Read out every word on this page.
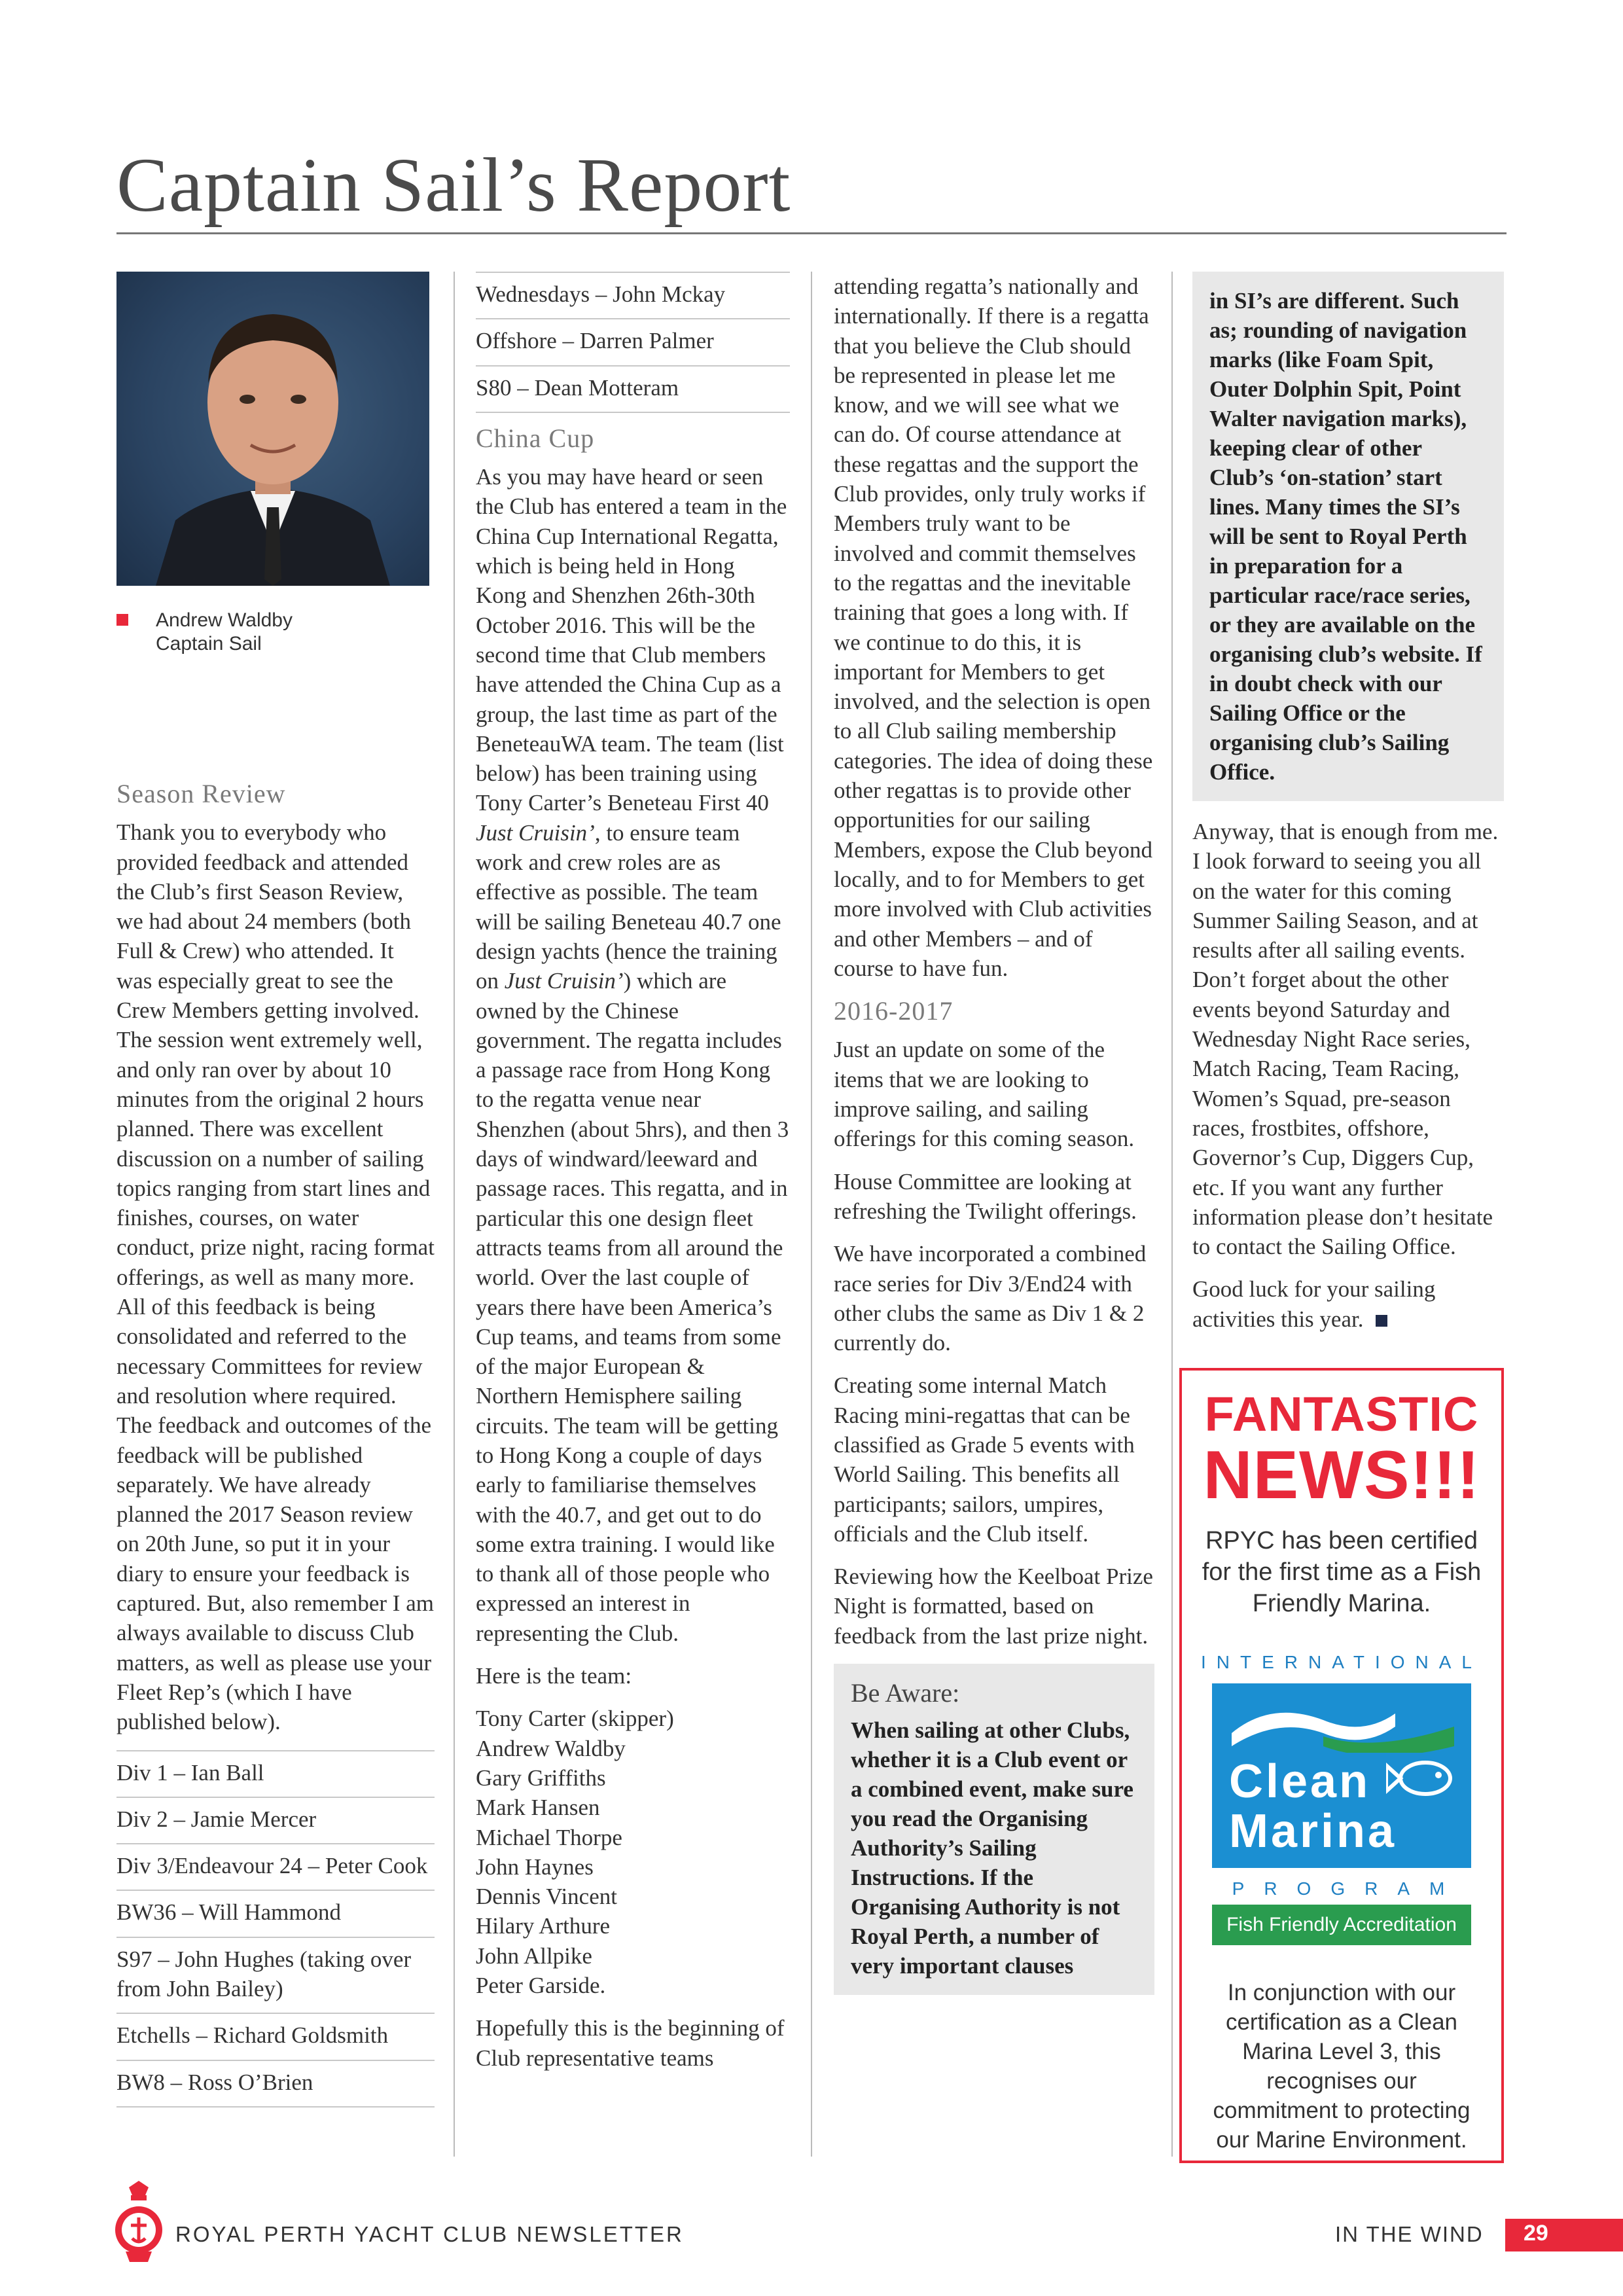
Captain Sail’s Report
Andrew Waldby
Captain Sail
Season Review

Thank you to everybody who provided feedback and attended the Club’s first Season Review, we had about 24 members (both Full & Crew) who attended. It was especially great to see the Crew Members getting involved. The session went extremely well, and only ran over by about 10 minutes from the original 2 hours planned. There was excellent discussion on a number of sailing topics ranging from start lines and finishes, courses, on water conduct, prize night, racing format offerings, as well as many more. All of this feedback is being consolidated and referred to the necessary Committees for review and resolution where required. The feedback and outcomes of the feedback will be published separately. We have already planned the 2017 Season review on 20th June, so put it in your diary to ensure your feedback is captured. But, also remember I am always available to discuss Club matters, as well as please use your Fleet Rep’s (which I have published below).

Div 1 – Ian Ball
Div 2 – Jamie Mercer
Div 3/Endeavour 24 – Peter Cook
BW36 – Will Hammond
S97 – John Hughes (taking over from John Bailey)
Etchells – Richard Goldsmith
BW8 – Ross O’Brien
Wednesdays – John Mckay
Offshore – Darren Palmer
S80 – Dean Motteram
China Cup

As you may have heard or seen the Club has entered a team in the China Cup International Regatta, which is being held in Hong Kong and Shenzhen 26th-30th October 2016. This will be the second time that Club members have attended the China Cup as a group, the last time as part of the BeneteauWA team. The team (list below) has been training using Tony Carter’s Beneteau First 40 Just Cruisin’, to ensure team work and crew roles are as effective as possible. The team will be sailing Beneteau 40.7 one design yachts (hence the training on Just Cruisin’) which are owned by the Chinese government. The regatta includes a passage race from Hong Kong to the regatta venue near Shenzhen (about 5hrs), and then 3 days of windward/leeward and passage races. This regatta, and in particular this one design fleet attracts teams from all around the world. Over the last couple of years there have been America’s Cup teams, and teams from some of the major European & Northern Hemisphere sailing circuits. The team will be getting to Hong Kong a couple of days early to familiarise themselves with the 40.7, and get out to do some extra training. I would like to thank all of those people who expressed an interest in representing the Club.

Here is the team:

Tony Carter (skipper)
Andrew Waldby
Gary Griffiths
Mark Hansen
Michael Thorpe
John Haynes
Dennis Vincent
Hilary Arthure
John Allpike
Peter Garside.

Hopefully this is the beginning of Club representative teams

attending regatta’s nationally and internationally. If there is a regatta that you believe the Club should be represented in please let me know, and we will see what we can do. Of course attendance at these regattas and the support the Club provides, only truly works if Members truly want to be involved and commit themselves to the regattas and the inevitable training that goes a long with. If we continue to do this, it is important for Members to get involved, and the selection is open to all Club sailing membership categories. The idea of doing these other regattas is to provide other opportunities for our sailing Members, expose the Club beyond locally, and to for Members to get more involved with Club activities and other Members – and of course to have fun.

2016-2017

Just an update on some of the items that we are looking to improve sailing, and sailing offerings for this coming season.

House Committee are looking at refreshing the Twilight offerings.

We have incorporated a combined race series for Div 3/End24 with other clubs the same as Div 1 & 2 currently do.

Creating some internal Match Racing mini-regattas that can be classified as Grade 5 events with World Sailing. This benefits all participants; sailors, umpires, officials and the Club itself.

Reviewing how the Keelboat Prize Night is formatted, based on feedback from the last prize night.

Be Aware:
When sailing at other Clubs, whether it is a Club event or a combined event, make sure you read the Organising Authority’s Sailing Instructions. If the Organising Authority is not Royal Perth, a number of very important clauses
in SI’s are different. Such as; rounding of navigation marks (like Foam Spit, Outer Dolphin Spit, Point Walter navigation marks), keeping clear of other Club’s ‘on-station’ start lines. Many times the SI’s will be sent to Royal Perth in preparation for a particular race/race series, or they are available on the organising club’s website. If in doubt check with our Sailing Office or the organising club’s Sailing Office.

Anyway, that is enough from me. I look forward to seeing you all on the water for this coming Summer Sailing Season, and at results after all sailing events. Don’t forget about the other events beyond Saturday and Wednesday Night Race series, Match Racing, Team Racing, Women’s Squad, pre-season races, frostbites, offshore, Governor’s Cup, Diggers Cup, etc. If you want any further information please don’t hesitate to contact the Sailing Office.

Good luck for your sailing activities this year.

FANTASTIC
NEWS!!!
RPYC has been certified for the first time as a Fish Friendly Marina.
INTERNATIONAL
Clean
Marina
PROGRAM
Fish Friendly Accreditation
In conjunction with our certification as a Clean Marina Level 3, this recognises our commitment to protecting our Marine Environment.
ROYAL PERTH YACHT CLUB NEWSLETTER	IN THE WIND 29
